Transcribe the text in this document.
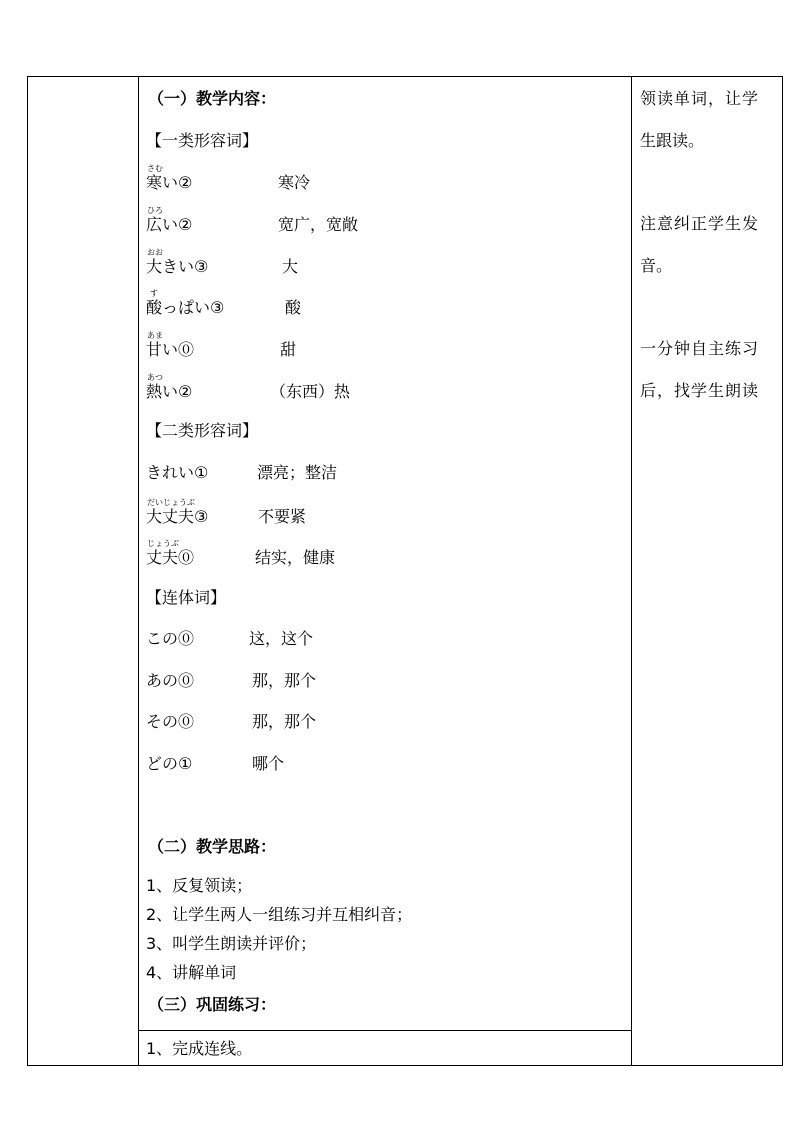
（一）教学内容：
【一类形容词】
さむ
寒い②	寒冷
ひろ
広い②	宽广，宽敞
おお
大きい③	大
す
酸っぱい③	酸
あま
甘い⓪	甜
あつ
熱い②	（东西）热
【二类形容词】
きれい①	漂亮；整洁
だいじょうぶ
大丈夫③	不要紧
じょうぶ
丈夫⓪	结实，健康
【连体词】
この⓪	这，这个
あの⓪	那，那个
その⓪	那，那个
どの①	哪个
（二）教学思路：
1、反复领读；
2、让学生两人一组练习并互相纠音；
3、叫学生朗读并评价；
4、讲解单词
（三）巩固练习：
1、完成连线。
领读单词，让学
生跟读。
注意纠正学生发
音。
一分钟自主练习
后，找学生朗读
